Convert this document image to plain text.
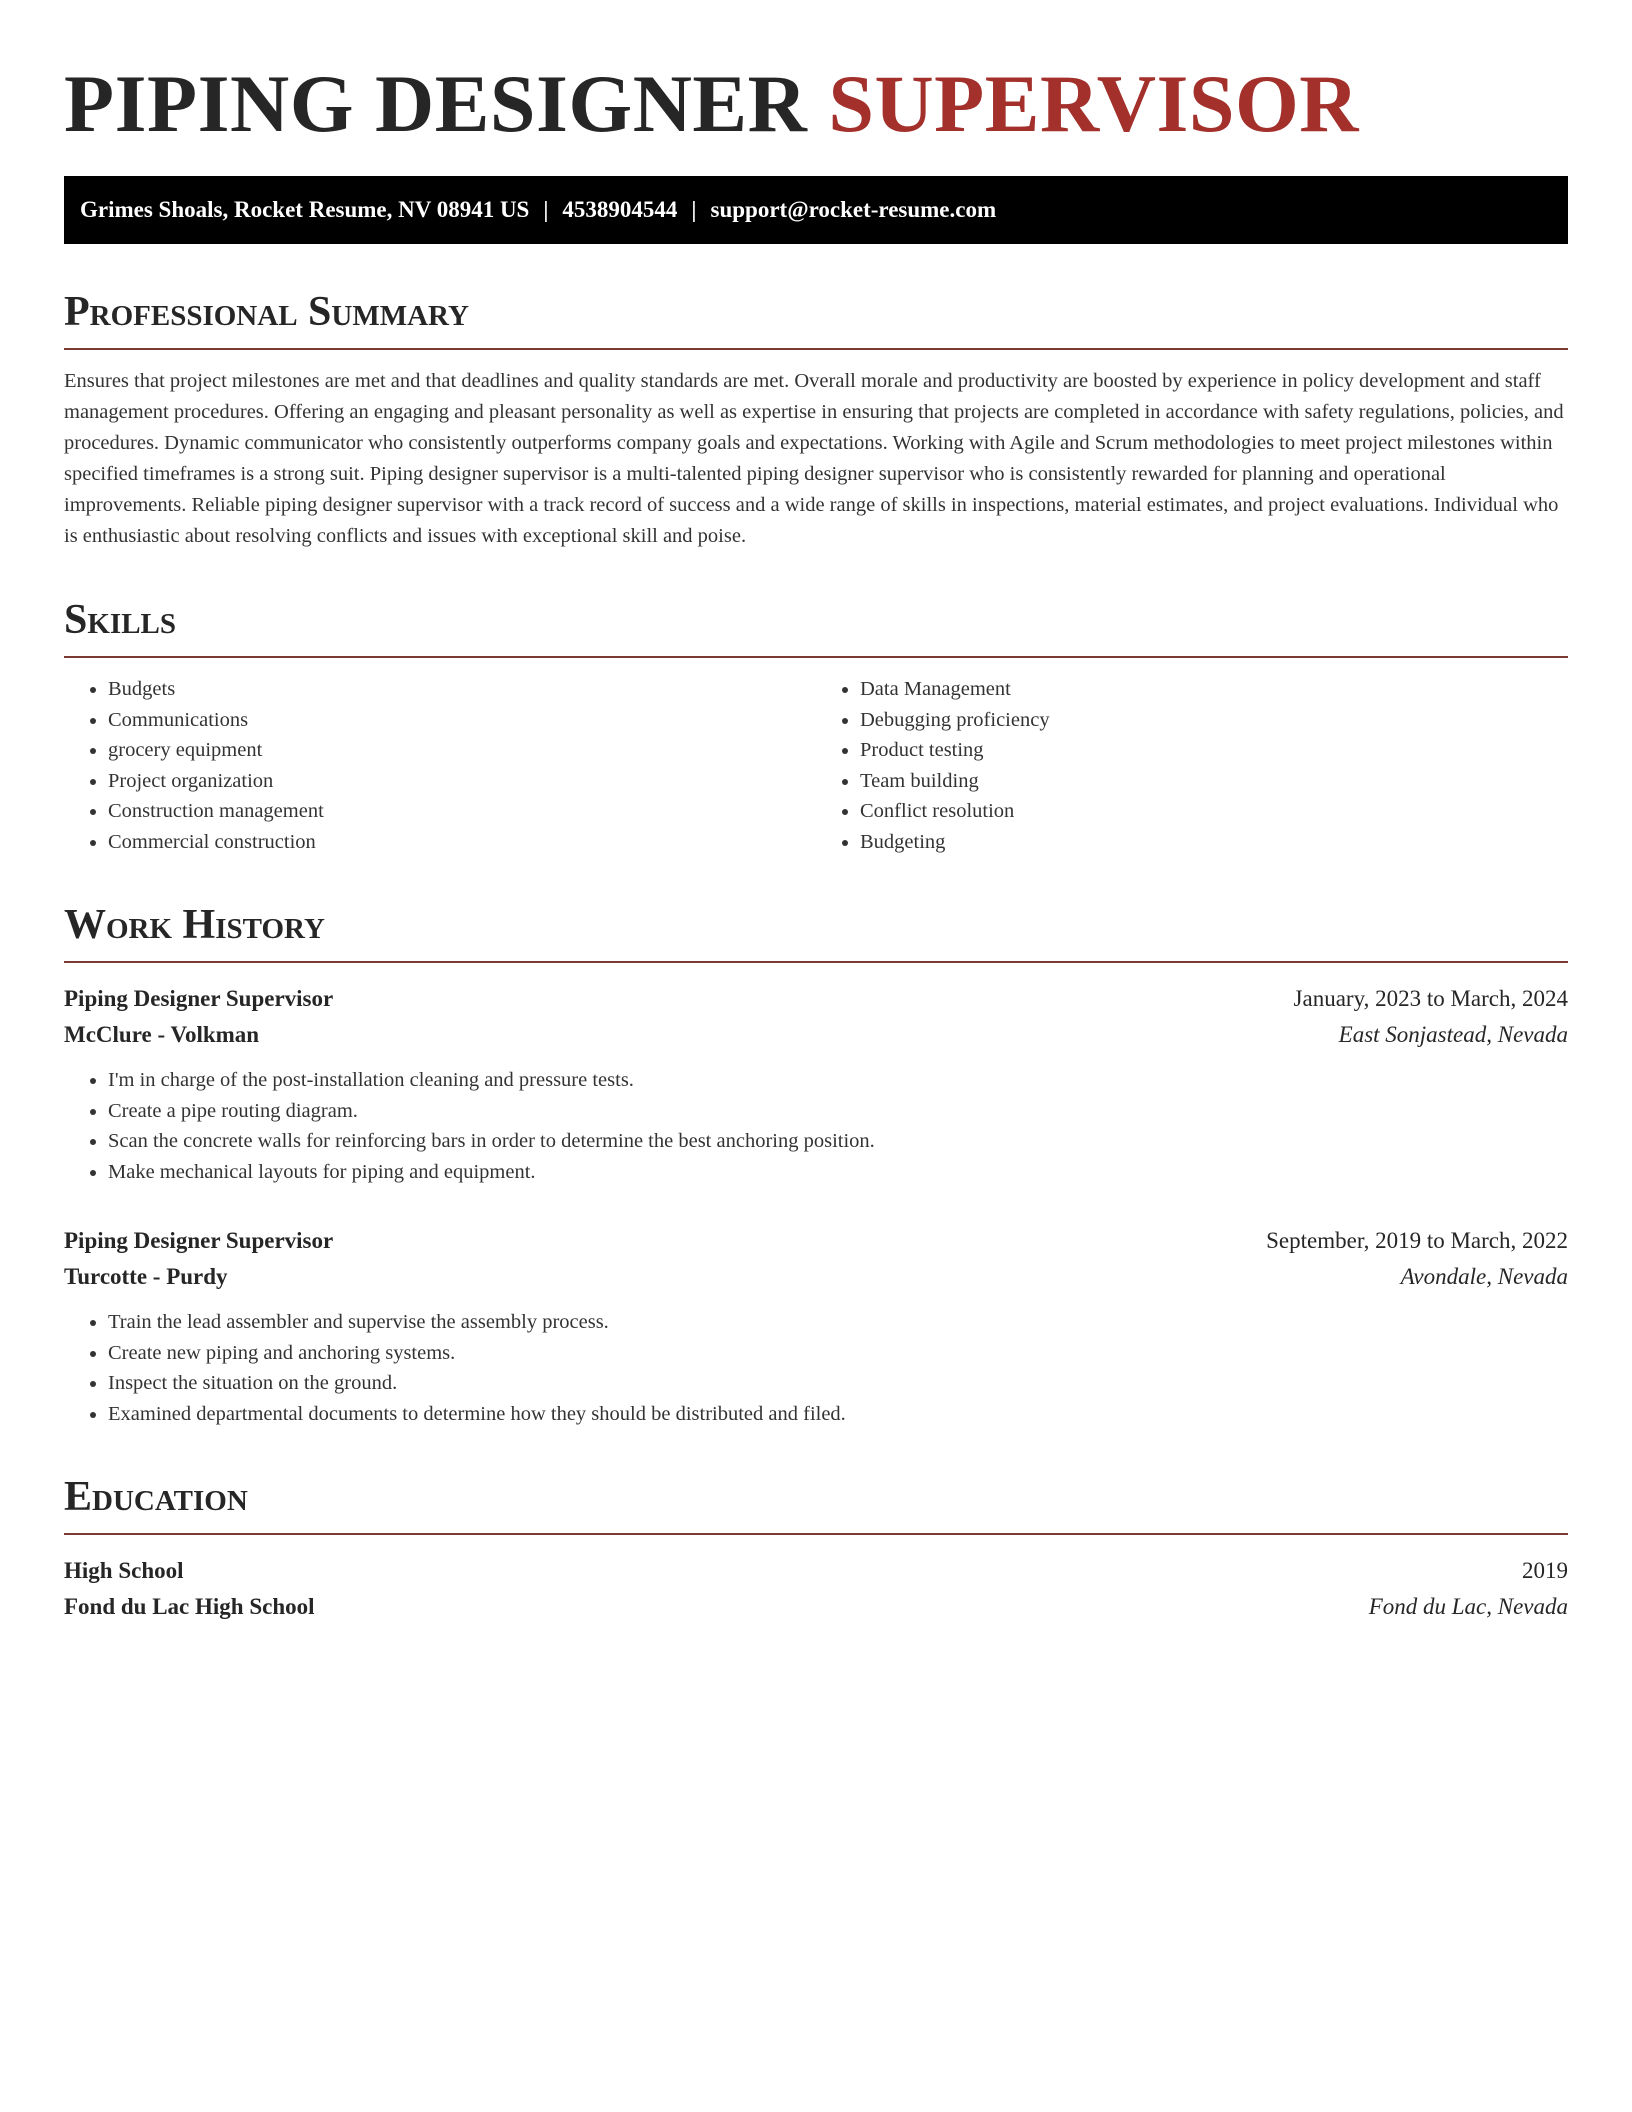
PIPING DESIGNER SUPERVISOR
Grimes Shoals, Rocket Resume, NV 08941 US | 4538904544 | support@rocket-resume.com
Professional Summary

Ensures that project milestones are met and that deadlines and quality standards are met. Overall morale and productivity are boosted by experience in policy development and staff management procedures. Offering an engaging and pleasant personality as well as expertise in ensuring that projects are completed in accordance with safety regulations, policies, and procedures. Dynamic communicator who consistently outperforms company goals and expectations. Working with Agile and Scrum methodologies to meet project milestones within specified timeframes is a strong suit. Piping designer supervisor is a multi-talented piping designer supervisor who is consistently rewarded for planning and operational improvements. Reliable piping designer supervisor with a track record of success and a wide range of skills in inspections, material estimates, and project evaluations. Individual who is enthusiastic about resolving conflicts and issues with exceptional skill and poise.

Skills
• Budgets
• Communications
• grocery equipment
• Project organization
• Construction management
• Commercial construction
• Data Management
• Debugging proficiency
• Product testing
• Team building
• Conflict resolution
• Budgeting
Work History
Piping Designer Supervisor	January, 2023 to March, 2024
McClure - Volkman	East Sonjastead, Nevada
• I'm in charge of the post-installation cleaning and pressure tests.
• Create a pipe routing diagram.
• Scan the concrete walls for reinforcing bars in order to determine the best anchoring position.
• Make mechanical layouts for piping and equipment.
Piping Designer Supervisor	September, 2019 to March, 2022
Turcotte - Purdy	Avondale, Nevada
• Train the lead assembler and supervise the assembly process.
• Create new piping and anchoring systems.
• Inspect the situation on the ground.
• Examined departmental documents to determine how they should be distributed and filed.
Education
High School	2019
Fond du Lac High School	Fond du Lac, Nevada
